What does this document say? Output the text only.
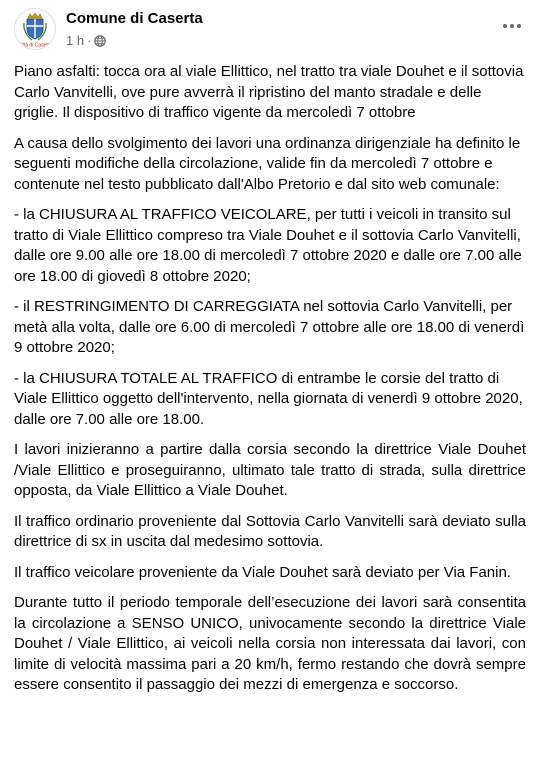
Città di Caserta
Comune di Caserta
1 h ·

Piano asfalti: tocca ora al viale Ellittico, nel tratto tra viale Douhet e il sottovia Carlo Vanvitelli, ove pure avverrà il ripristino del manto stradale e delle griglie. Il dispositivo di traffico vigente da mercoledì 7 ottobre

A causa dello svolgimento dei lavori una ordinanza dirigenziale ha definito le seguenti modifiche della circolazione, valide fin da mercoledì 7 ottobre e contenute nel testo pubblicato dall'Albo Pretorio e dal sito web comunale:

- la CHIUSURA AL TRAFFICO VEICOLARE, per tutti i veicoli in transito sul tratto di Viale Ellittico compreso tra Viale Douhet e il sottovia Carlo Vanvitelli, dalle ore 9.00 alle ore 18.00 di mercoledì 7 ottobre 2020 e dalle ore 7.00 alle ore 18.00 di giovedì 8 ottobre 2020;

- il RESTRINGIMENTO DI CARREGGIATA nel sottovia Carlo Vanvitelli, per metà alla volta, dalle ore 6.00 di mercoledì 7 ottobre alle ore 18.00 di venerdì 9 ottobre 2020;

- la CHIUSURA TOTALE AL TRAFFICO di entrambe le corsie del tratto di Viale Ellittico oggetto dell'intervento, nella giornata di venerdì 9 ottobre 2020, dalle ore 7.00 alle ore 18.00.

I lavori inizieranno a partire dalla corsia secondo la direttrice Viale Douhet /Viale Ellittico e proseguiranno, ultimato tale tratto di strada, sulla direttrice opposta, da Viale Ellittico a Viale Douhet.

Il traffico ordinario proveniente dal Sottovia Carlo Vanvitelli sarà deviato sulla direttrice di sx in uscita dal medesimo sottovia.

Il traffico veicolare proveniente da Viale Douhet sarà deviato per Via Fanin.

Durante tutto il periodo temporale dell’esecuzione dei lavori sarà consentita la circolazione a SENSO UNICO, univocamente secondo la direttrice Viale Douhet / Viale Ellittico, ai veicoli nella corsia non interessata dai lavori, con limite di velocità massima pari a 20 km/h, fermo restando che dovrà sempre essere consentito il passaggio dei mezzi di emergenza e soccorso.
